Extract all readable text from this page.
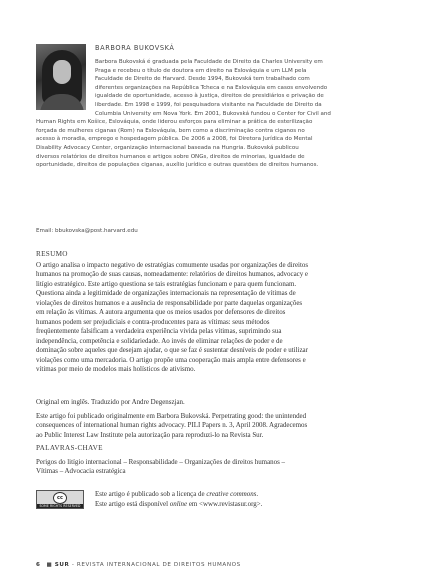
BARBORA BUKOVSKÁ

Barbora Bukovská é graduada pela Faculdade de Direito da Charles University em

Praga e recebeu o título de doutora em direito na Eslováquia e um LLM pela

Faculdade de Direito de Harvard. Desde 1994, Bukovská tem trabalhado com

diferentes organizações na República Tcheca e na Eslováquia em casos envolvendo

igualdade de oportunidade, acesso à justiça, direitos de presidiários e privação de

liberdade. Em 1998 e 1999, foi pesquisadora visitante na Faculdade de Direito da

Columbia University em Nova York. Em 2001, Bukovská fundou o Center for Civil and

Human Rights em Košice, Eslováquia, onde liderou esforços para eliminar a prática de esterilização

forçada de mulheres ciganas (Rom) na Eslováquia, bem como a discriminação contra ciganos no

acesso à moradia, emprego e hospedagem pública. De 2006 a 2008, foi Diretora Jurídica do Mental

Disability Advocacy Center, organização internacional baseada na Hungria. Bukovská publicou

diversos relatórios de direitos humanos e artigos sobre ONGs, direitos de minorias, igualdade de

oportunidade, direitos de populações ciganas, auxílio jurídico e outras questões de direitos humanos.

Email: bbukovska@post.harvard.edu
RESUMO

O artigo analisa o impacto negativo de estratégias comumente usadas por organizações de direitos

humanos na promoção de suas causas, nomeadamente: relatórios de direitos humanos, advocacy e

litígio estratégico. Este artigo questiona se tais estratégias funcionam e para quem funcionam.

Questiona ainda a legitimidade de organizações internacionais na representação de vítimas de

violações de direitos humanos e a ausência de responsabilidade por parte daquelas organizações

em relação às vítimas. A autora argumenta que os meios usados por defensores de direitos

humanos podem ser prejudiciais e contra-producentes para as vítimas: seus métodos

freqüentemente falsificam a verdadeira experiência vivida pelas vítimas, suprimindo sua

independência, competência e solidariedade. Ao invés de eliminar relações de poder e de

dominação sobre aqueles que desejam ajudar, o que se faz é sustentar desníveis de poder e utilizar

violações como uma mercadoria. O artigo propõe uma cooperação mais ampla entre defensores e

vítimas por meio de modelos mais holísticos de ativismo.

Original em inglês. Traduzido por Andre Degenszjan.
Este artigo foi publicado originalmente em Barbora Bukovská. Perpetrating good: the unintended
consequences of international human rights advocacy. PILI Papers n. 3, April 2008. Agradecemos
ao Public Interest Law Institute pela autorização para reproduzi-lo na Revista Sur.
PALAVRAS-CHAVE
Perigos do litígio internacional – Responsabilidade – Organizações de direitos humanos –
Vítimas – Advocacia estratégica
cc
SOME RIGHTS RESERVED
Este artigo é publicado sob a licença de creative commons.
Este artigo está disponível online em <www.revistasur.org>.
6 ■ SUR - REVISTA INTERNACIONAL DE DIREITOS HUMANOS
